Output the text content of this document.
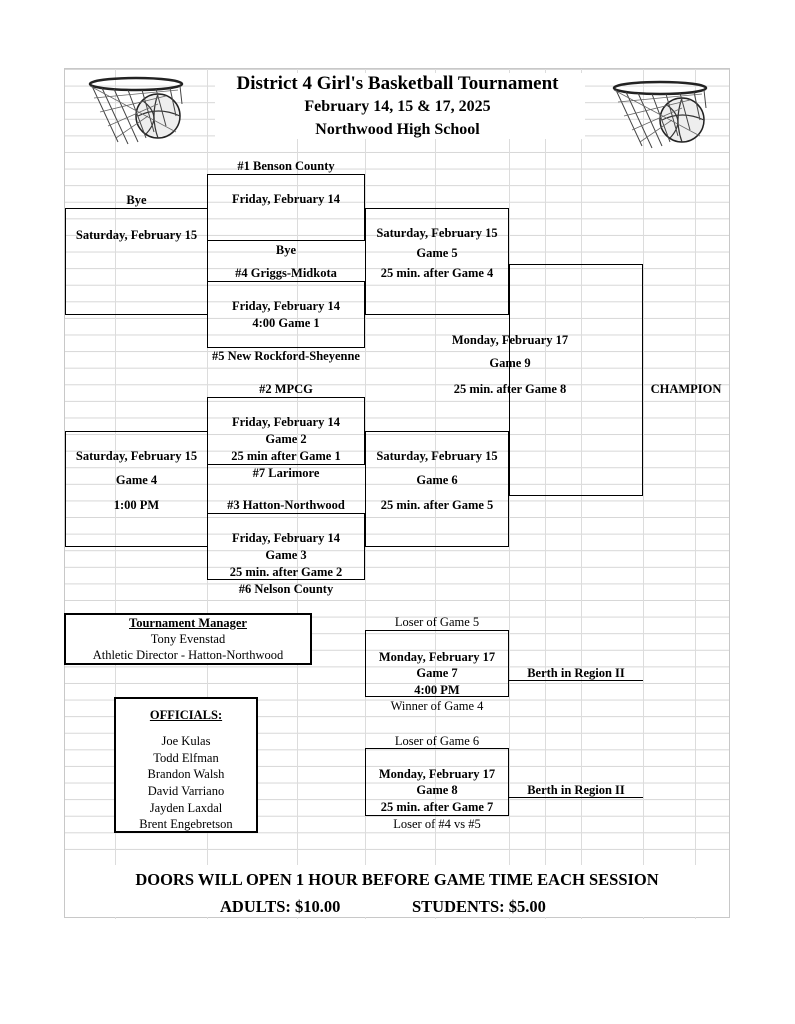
District 4 Girl's Basketball Tournament
February 14, 15 & 17, 2025
Northwood High School
#1 Benson County
Bye	Friday, February 14
Saturday, February 15
Bye
#4 Griggs-Midkota
Friday, February 14
4:00 Game 1
#5 New Rockford-Sheyenne
Saturday, February 15
Game 5
25 min. after Game 4
Monday, February 17
Game 9
25 min. after Game 8	CHAMPION
#2 MPCG
Friday, February 14
Game 2
25 min after Game 1
#7 Larimore
Saturday, February 15
Game 4
1:00 PM
Saturday, February 15
Game 6
25 min. after Game 5
#3 Hatton-Northwood
Friday, February 14
Game 3
25 min. after Game 2
#6 Nelson County
Tournament Manager
Tony Evenstad
Athletic Director - Hatton-Northwood
OFFICIALS:
Joe Kulas
Todd Elfman
Brandon Walsh
David Varriano
Jayden Laxdal
Brent Engebretson
Loser of Game 5
Monday, February 17
Game 7
4:00 PM
Winner of Game 4
Berth in Region II
Loser of Game 6
Monday, February 17
Game 8
25 min. after Game 7
Loser of #4 vs #5
Berth in Region II
DOORS WILL OPEN 1 HOUR BEFORE GAME TIME EACH SESSION
ADULTS: $10.00	STUDENTS: $5.00
